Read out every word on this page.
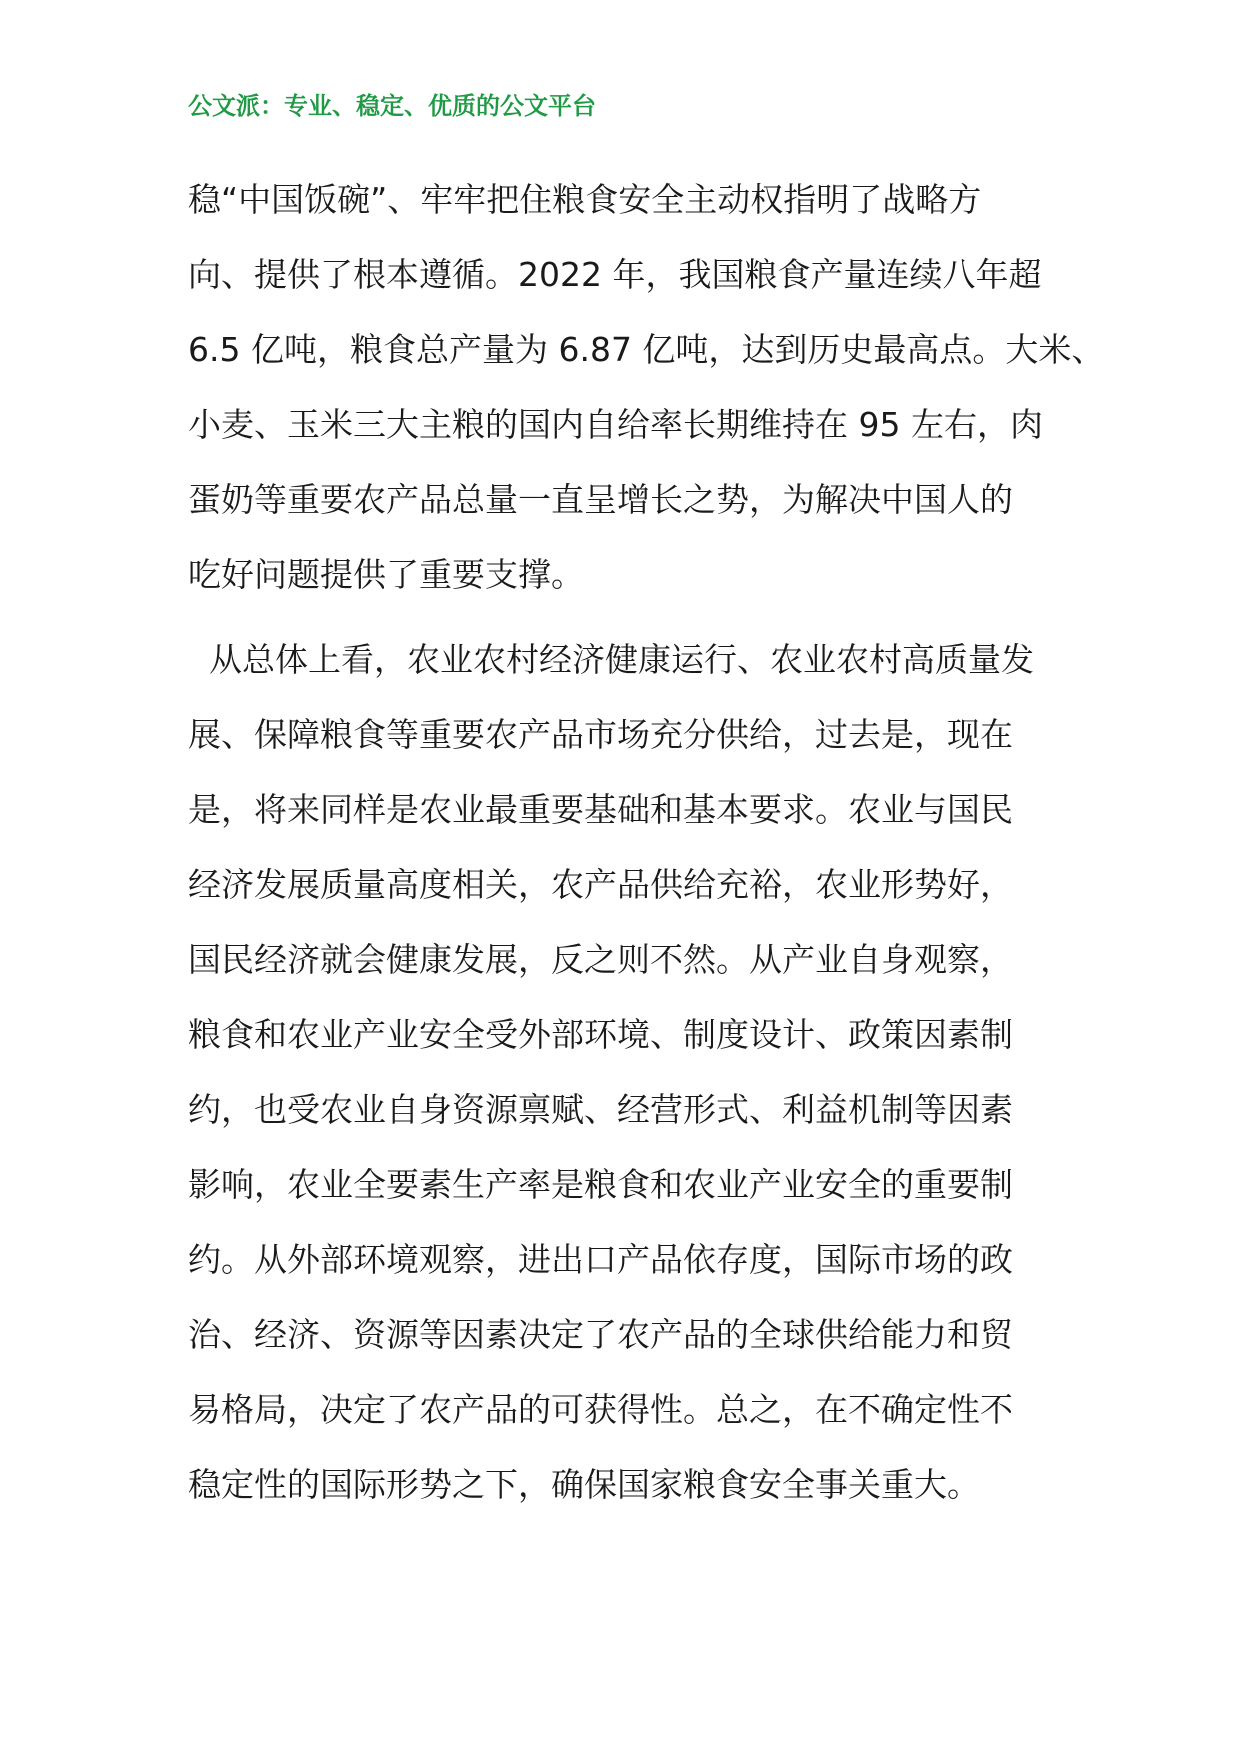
公文派：专业、稳定、优质的公文平台
稳“中国饭碗”、牢牢把住粮食安全主动权指明了战略方
向、提供了根本遵循。2022 年，我国粮食产量连续八年超
6.5 亿吨，粮食总产量为 6.87 亿吨，达到历史最高点。大米、
小麦、玉米三大主粮的国内自给率长期维持在 95 左右，肉
蛋奶等重要农产品总量一直呈增长之势，为解决中国人的
吃好问题提供了重要支撑。
从总体上看，农业农村经济健康运行、农业农村高质量发
展、保障粮食等重要农产品市场充分供给，过去是，现在
是，将来同样是农业最重要基础和基本要求。农业与国民
经济发展质量高度相关，农产品供给充裕，农业形势好，
国民经济就会健康发展，反之则不然。从产业自身观察，
粮食和农业产业安全受外部环境、制度设计、政策因素制
约，也受农业自身资源禀赋、经营形式、利益机制等因素
影响，农业全要素生产率是粮食和农业产业安全的重要制
约。从外部环境观察，进出口产品依存度，国际市场的政
治、经济、资源等因素决定了农产品的全球供给能力和贸
易格局，决定了农产品的可获得性。总之，在不确定性不
稳定性的国际形势之下，确保国家粮食安全事关重大。
